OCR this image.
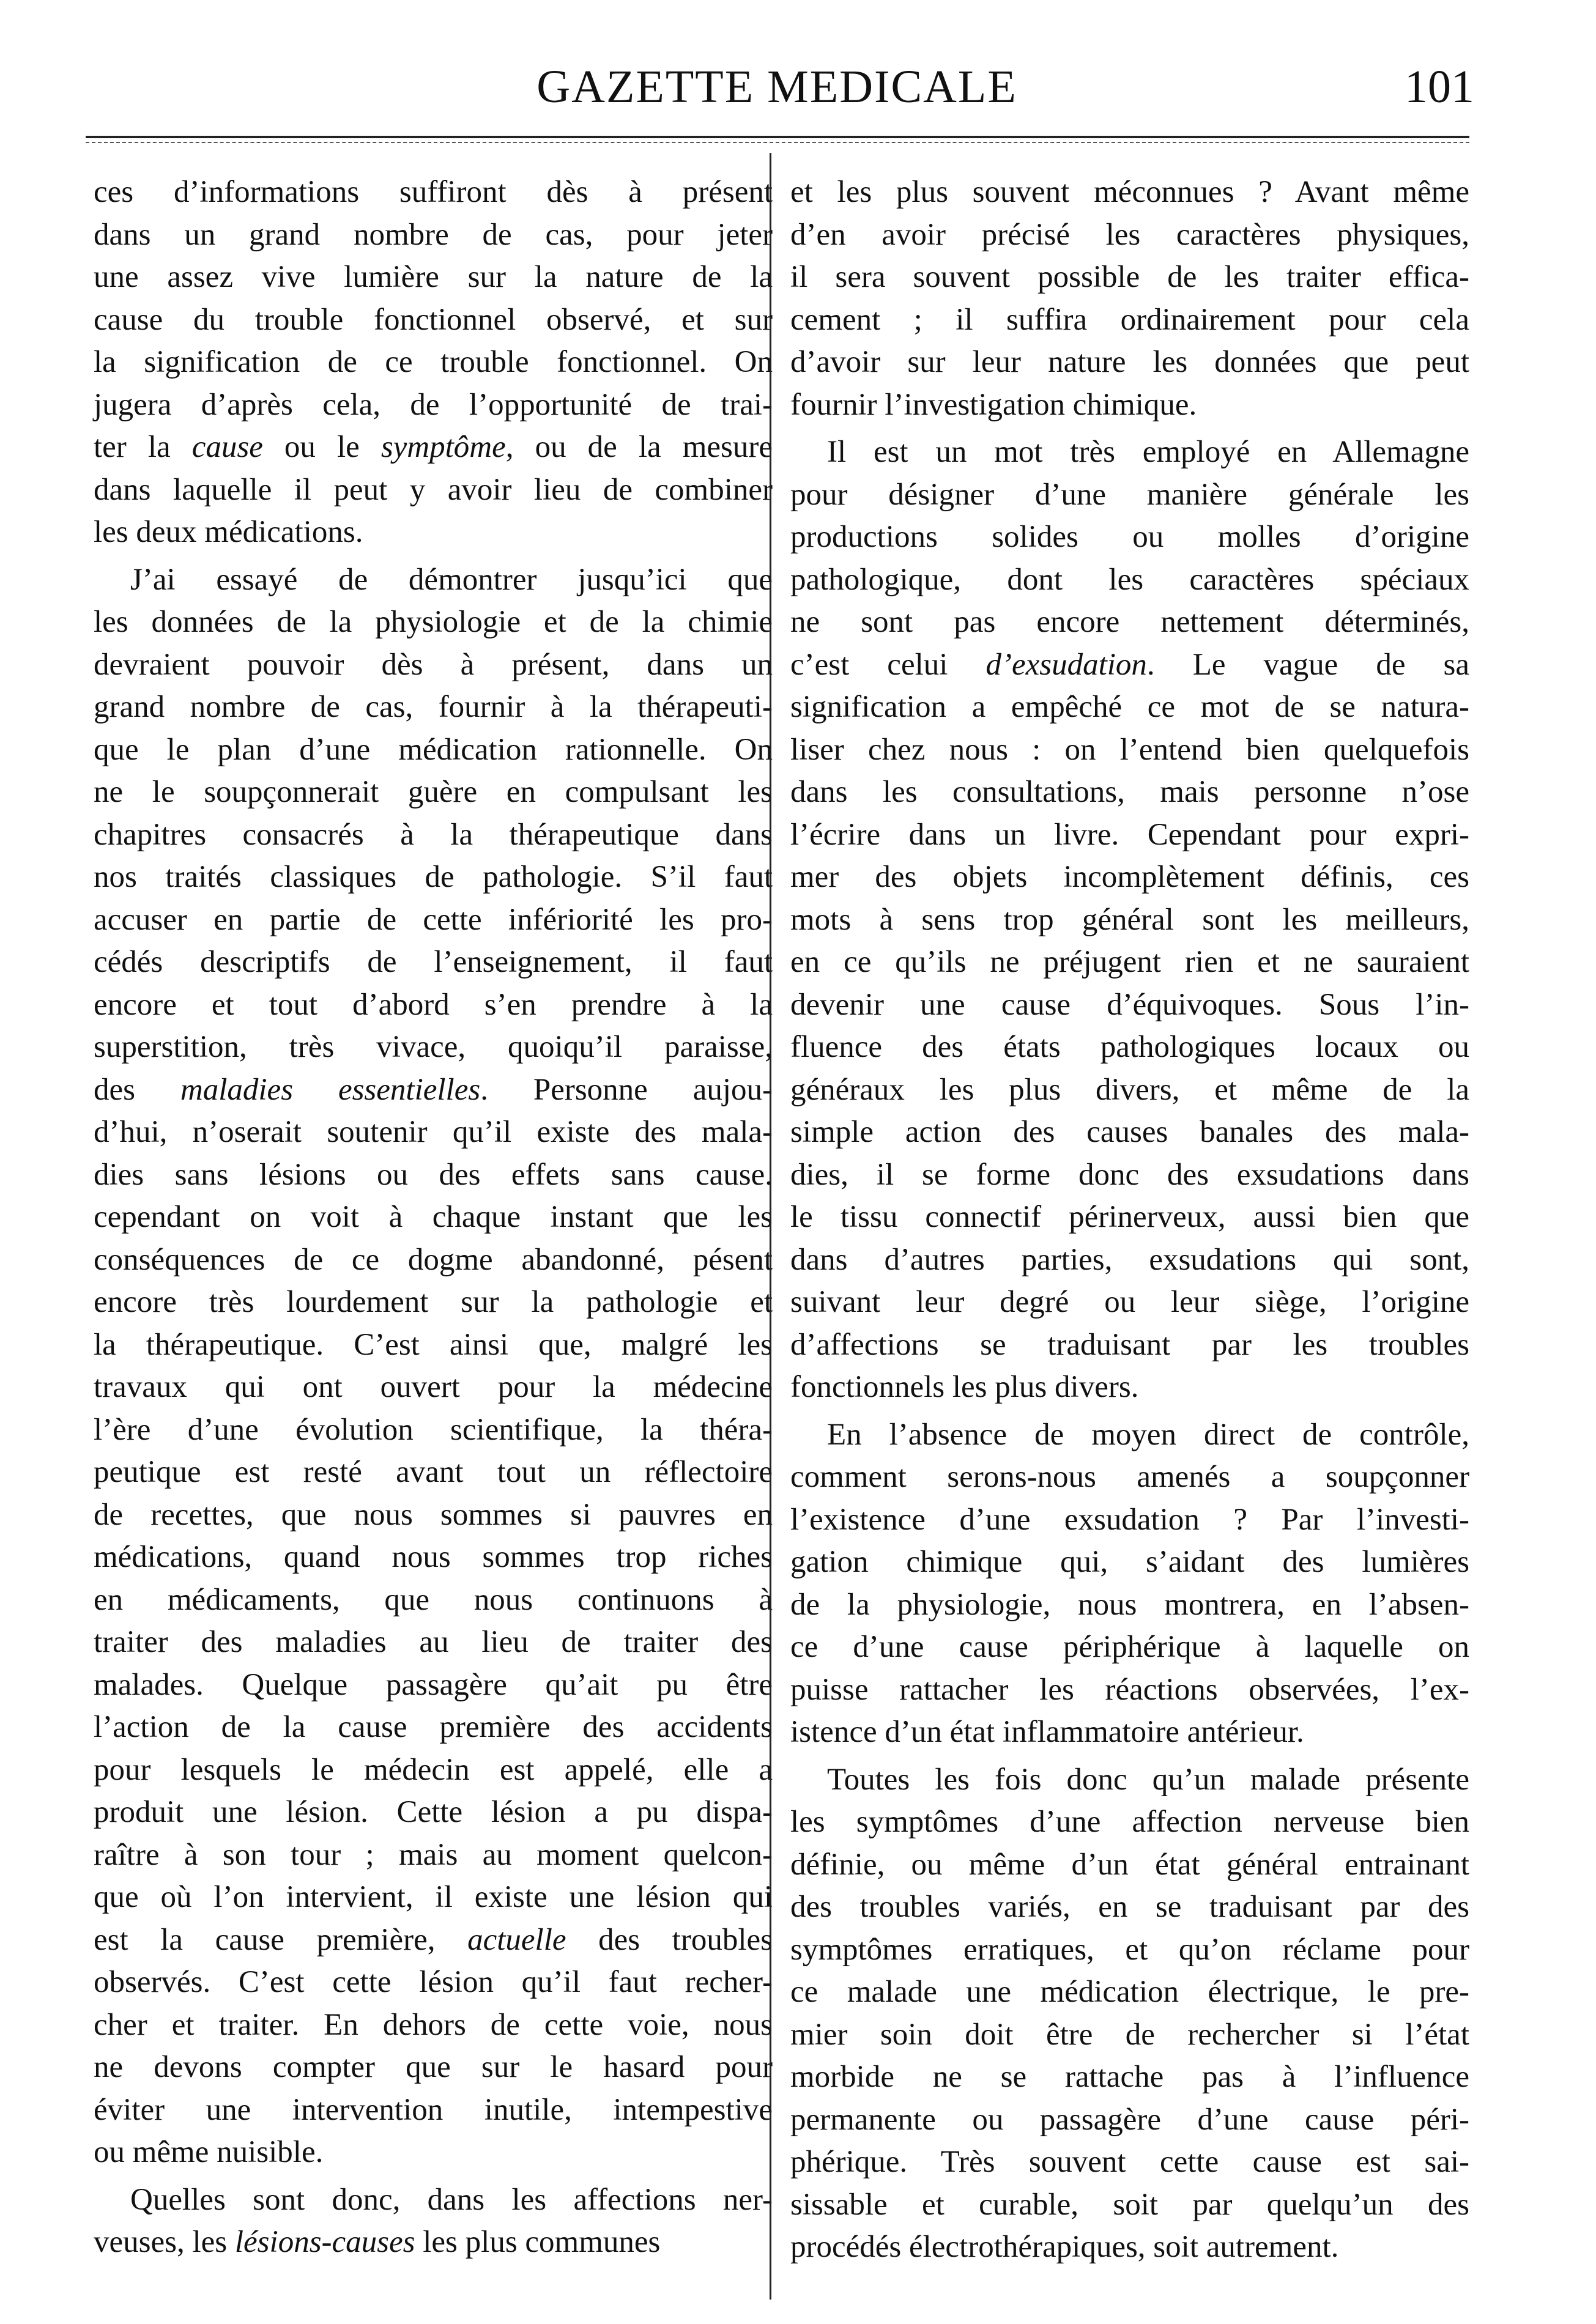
GAZETTE MEDICALE	101
ces d’informations suffiront dès à présent
dans un grand nombre de cas, pour jeter
une assez vive lumière sur la nature de la
cause du trouble fonctionnel observé, et sur
la signification de ce trouble fonctionnel. On
jugera d’après cela, de l’opportunité de trai-
ter la cause ou le symptôme, ou de la mesure
dans laquelle il peut y avoir lieu de combiner
les deux médications.
J’ai essayé de démontrer jusqu’ici que
les données de la physiologie et de la chimie
devraient pouvoir dès à présent, dans un
grand nombre de cas, fournir à la thérapeuti-
que le plan d’une médication rationnelle. On
ne le soupçonnerait guère en compulsant les
chapitres consacrés à la thérapeutique dans
nos traités classiques de pathologie. S’il faut
accuser en partie de cette infériorité les pro-
cédés descriptifs de l’enseignement, il faut
encore et tout d’abord s’en prendre à la
superstition, très vivace, quoiqu’il paraisse,
des maladies essentielles. Personne aujou-
d’hui, n’oserait soutenir qu’il existe des mala-
dies sans lésions ou des effets sans cause.
cependant on voit à chaque instant que les
conséquences de ce dogme abandonné, pésent
encore très lourdement sur la pathologie et
la thérapeutique. C’est ainsi que, malgré les
travaux qui ont ouvert pour la médecine
l’ère d’une évolution scientifique, la théra-
peutique est resté avant tout un réflectoire
de recettes, que nous sommes si pauvres en
médications, quand nous sommes trop riches
en médicaments, que nous continuons à
traiter des maladies au lieu de traiter des
malades. Quelque passagère qu’ait pu être
l’action de la cause première des accidents
pour lesquels le médecin est appelé, elle a
produit une lésion. Cette lésion a pu dispa-
raître à son tour ; mais au moment quelcon-
que où l’on intervient, il existe une lésion qui
est la cause première, actuelle des troubles
observés. C’est cette lésion qu’il faut recher-
cher et traiter. En dehors de cette voie, nous
ne devons compter que sur le hasard pour
éviter une intervention inutile, intempestive
ou même nuisible.
Quelles sont donc, dans les affections ner-
veuses, les lésions-causes les plus communes
et les plus souvent méconnues ? Avant même
d’en avoir précisé les caractères physiques,
il sera souvent possible de les traiter effica-
cement ; il suffira ordinairement pour cela
d’avoir sur leur nature les données que peut
fournir l’investigation chimique.
Il est un mot très employé en Allemagne
pour désigner d’une manière générale les
productions solides ou molles d’origine
pathologique, dont les caractères spéciaux
ne sont pas encore nettement déterminés,
c’est celui d’exsudation. Le vague de sa
signification a empêché ce mot de se natura-
liser chez nous : on l’entend bien quelquefois
dans les consultations, mais personne n’ose
l’écrire dans un livre. Cependant pour expri-
mer des objets incomplètement définis, ces
mots à sens trop général sont les meilleurs,
en ce qu’ils ne préjugent rien et ne sauraient
devenir une cause d’équivoques. Sous l’in-
fluence des états pathologiques locaux ou
généraux les plus divers, et même de la
simple action des causes banales des mala-
dies, il se forme donc des exsudations dans
le tissu connectif périnerveux, aussi bien que
dans d’autres parties, exsudations qui sont,
suivant leur degré ou leur siège, l’origine
d’affections se traduisant par les troubles
fonctionnels les plus divers.
En l’absence de moyen direct de contrôle,
comment serons-nous amenés a soupçonner
l’existence d’une exsudation ? Par l’investi-
gation chimique qui, s’aidant des lumières
de la physiologie, nous montrera, en l’absen-
ce d’une cause périphérique à laquelle on
puisse rattacher les réactions observées, l’ex-
istence d’un état inflammatoire antérieur.
Toutes les fois donc qu’un malade présente
les symptômes d’une affection nerveuse bien
définie, ou même d’un état général entrainant
des troubles variés, en se traduisant par des
symptômes erratiques, et qu’on réclame pour
ce malade une médication électrique, le pre-
mier soin doit être de rechercher si l’état
morbide ne se rattache pas à l’influence
permanente ou passagère d’une cause péri-
phérique. Très souvent cette cause est sai-
sissable et curable, soit par quelqu’un des
procédés électrothérapiques, soit autrement.
